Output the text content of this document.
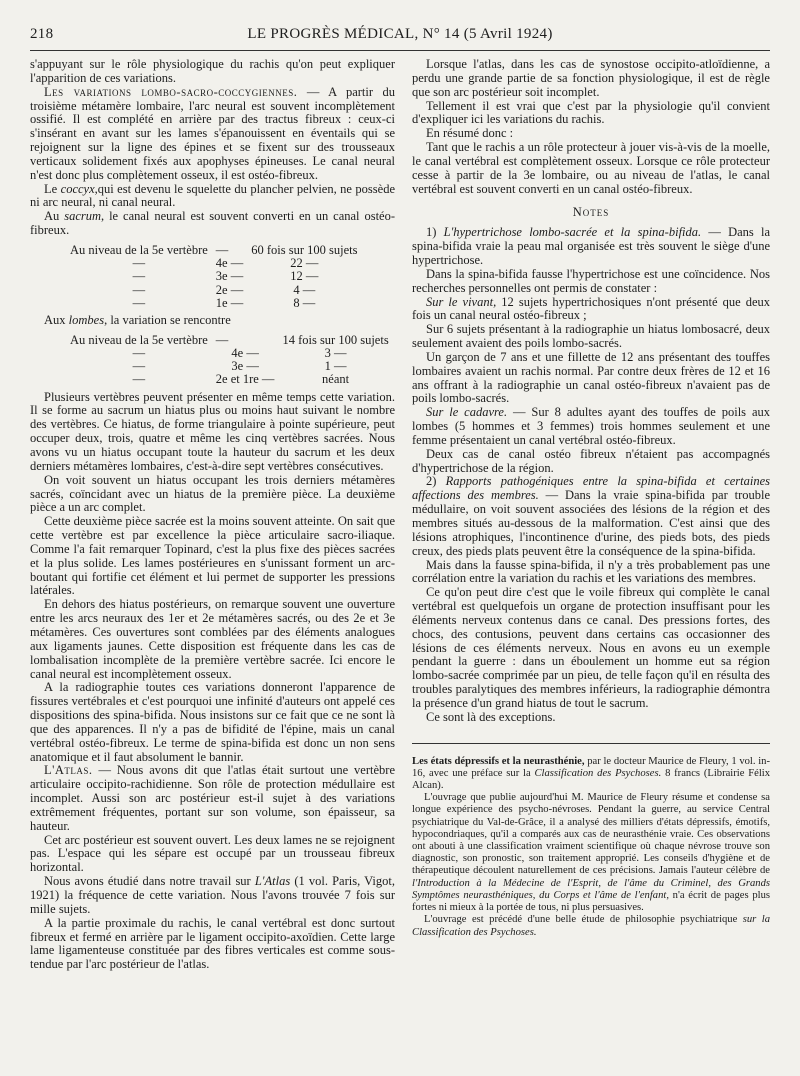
218	LE PROGRÈS MÉDICAL, N° 14 (5 Avril 1924)

s'appuyant sur le rôle physiologique du rachis qu'on peut expliquer l'apparition de ces variations.

Les variations lombo-sacro-coccygiennes. — A partir du troisième métamère lombaire, l'arc neural est souvent incomplètement ossifié. Il est complété en arrière par des tractus fibreux : ceux-ci s'insérant en avant sur les lames s'épanouissent en éventails qui se rejoignent sur la ligne des épines et se fixent sur des trousseaux verticaux solidement fixés aux apophyses épineuses. Le canal neural n'est donc plus complètement osseux, il est ostéo-fibreux.

Le coccyx,qui est devenu le squelette du plancher pelvien, ne possède ni arc neural, ni canal neural.

Au sacrum, le canal neural est souvent converti en un canal ostéo-fibreux.

Au niveau de la 5e vertèbre	—	60 fois sur 100 sujets
—	4e —	22 —
—	3e —	12 —
—	2e —	4 —
—	1e —	8 —

Aux lombes, la variation se rencontre

Au niveau de la 5e vertèbre	—	14 fois sur 100 sujets
—	4e —	3 —
—	3e —	1 —
—	2e et 1re —	néant

Plusieurs vertèbres peuvent présenter en même temps cette variation. Il se forme au sacrum un hiatus plus ou moins haut suivant le nombre des vertèbres. Ce hiatus, de forme triangulaire à pointe supérieure, peut occuper deux, trois, quatre et même les cinq vertèbres sacrées. Nous avons vu un hiatus occupant toute la hauteur du sacrum et les deux derniers métamères lombaires, c'est-à-dire sept vertèbres consécutives.

On voit souvent un hiatus occupant les trois derniers métamères sacrés, coïncidant avec un hiatus de la première pièce. La deuxième pièce a un arc complet.

Cette deuxième pièce sacrée est la moins souvent atteinte. On sait que cette vertèbre est par excellence la pièce articulaire sacro-iliaque. Comme l'a fait remarquer Topinard, c'est la plus fixe des pièces sacrées et la plus solide. Les lames postérieures en s'unissant forment un arc-boutant qui fortifie cet élément et lui permet de supporter les pressions latérales.

En dehors des hiatus postérieurs, on remarque souvent une ouverture entre les arcs neuraux des 1er et 2e métamères sacrés, ou des 2e et 3e métamères. Ces ouvertures sont comblées par des éléments analogues aux ligaments jaunes. Cette disposition est fréquente dans les cas de lombalisation incomplète de la première vertèbre sacrée. Ici encore le canal neural est incomplètement osseux.

A la radiographie toutes ces variations donneront l'apparence de fissures vertébrales et c'est pourquoi une infinité d'auteurs ont appelé ces dispositions des spina-bifida. Nous insistons sur ce fait que ce ne sont là que des apparences. Il n'y a pas de bifidité de l'épine, mais un canal vertébral ostéo-fibreux. Le terme de spina-bifida est donc un non sens anatomique et il faut absolument le bannir.

L'Atlas. — Nous avons dit que l'atlas était surtout une vertèbre articulaire occipito-rachidienne. Son rôle de protection médullaire est incomplet. Aussi son arc postérieur est-il sujet à des variations extrêmement fréquentes, portant sur son volume, son épaisseur, sa hauteur.

Cet arc postérieur est souvent ouvert. Les deux lames ne se rejoignent pas. L'espace qui les sépare est occupé par un trousseau fibreux horizontal.

Nous avons étudié dans notre travail sur L'Atlas (1 vol. Paris, Vigot, 1921) la fréquence de cette variation. Nous l'avons trouvée 7 fois sur mille sujets.

A la partie proximale du rachis, le canal vertébral est donc surtout fibreux et fermé en arrière par le ligament occipito-axoïdien. Cette large lame ligamenteuse constituée par des fibres verticales est comme sous-tendue par l'arc postérieur de l'atlas.

Lorsque l'atlas, dans les cas de synostose occipito-atloïdienne, a perdu une grande partie de sa fonction physiologique, il est de règle que son arc postérieur soit incomplet.

Tellement il est vrai que c'est par la physiologie qu'il convient d'expliquer ici les variations du rachis.

En résumé donc :

Tant que le rachis a un rôle protecteur à jouer vis-à-vis de la moelle, le canal vertébral est complètement osseux. Lorsque ce rôle protecteur cesse à partir de la 3e lombaire, ou au niveau de l'atlas, le canal vertébral est souvent converti en un canal ostéo-fibreux.

Notes

1) L'hypertrichose lombo-sacrée et la spina-bifida. — Dans la spina-bifida vraie la peau mal organisée est très souvent le siège d'une hypertrichose.

Dans la spina-bifida fausse l'hypertrichose est une coïncidence. Nos recherches personnelles ont permis de constater :

Sur le vivant, 12 sujets hypertrichosiques n'ont présenté que deux fois un canal neural ostéo-fibreux ;

Sur 6 sujets présentant à la radiographie un hiatus lombosacré, deux seulement avaient des poils lombo-sacrés.

Un garçon de 7 ans et une fillette de 12 ans présentant des touffes lombaires avaient un rachis normal. Par contre deux frères de 12 et 16 ans offrant à la radiographie un canal ostéo-fibreux n'avaient pas de poils lombo-sacrés.

Sur le cadavre. — Sur 8 adultes ayant des touffes de poils aux lombes (5 hommes et 3 femmes) trois hommes seulement et une femme présentaient un canal vertébral ostéo-fibreux.

Deux cas de canal ostéo fibreux n'étaient pas accompagnés d'hypertrichose de la région.

2) Rapports pathogéniques entre la spina-bifida et certaines affections des membres. — Dans la vraie spina-bifida par trouble médullaire, on voit souvent associées des lésions de la région et des membres situés au-dessous de la malformation. C'est ainsi que des lésions atrophiques, l'incontinence d'urine, des pieds bots, des pieds creux, des pieds plats peuvent être la conséquence de la spina-bifida.

Mais dans la fausse spina-bifida, il n'y a très probablement pas une corrélation entre la variation du rachis et les variations des membres.

Ce qu'on peut dire c'est que le voile fibreux qui complète le canal vertébral est quelquefois un organe de protection insuffisant pour les éléments nerveux contenus dans ce canal. Des pressions fortes, des chocs, des contusions, peuvent dans certains cas occasionner des lésions de ces éléments nerveux. Nous en avons eu un exemple pendant la guerre : dans un éboulement un homme eut sa région lombo-sacrée comprimée par un pieu, de telle façon qu'il en résulta des troubles paralytiques des membres inférieurs, la radiographie démontra la présence d'un grand hiatus de tout le sacrum.

Ce sont là des exceptions.

Les états dépressifs et la neurasthénie, par le docteur Maurice de Fleury, 1 vol. in-16, avec une préface sur la Classification des Psychoses. 8 francs (Librairie Félix Alcan).

L'ouvrage que publie aujourd'hui M. Maurice de Fleury résume et condense sa longue expérience des psycho-névroses. Pendant la guerre, au service Central psychiatrique du Val-de-Grâce, il a analysé des milliers d'états dépressifs, émotifs, hypocondriaques, qu'il a comparés aux cas de neurasthénie vraie. Ces observations ont abouti à une classification vraiment scientifique où chaque névrose trouve son diagnostic, son pronostic, son traitement approprié. Les conseils d'hygiène et de thérapeutique découlent naturellement de ces précisions. Jamais l'auteur célèbre de l'Introduction à la Médecine de l'Esprit, de l'âme du Criminel, des Grands Symptômes neurasthéniques, du Corps et l'âme de l'enfant, n'a écrit de pages plus fortes ni mieux à la portée de tous, ni plus persuasives.

L'ouvrage est précédé d'une belle étude de philosophie psychiatrique sur la Classification des Psychoses.
